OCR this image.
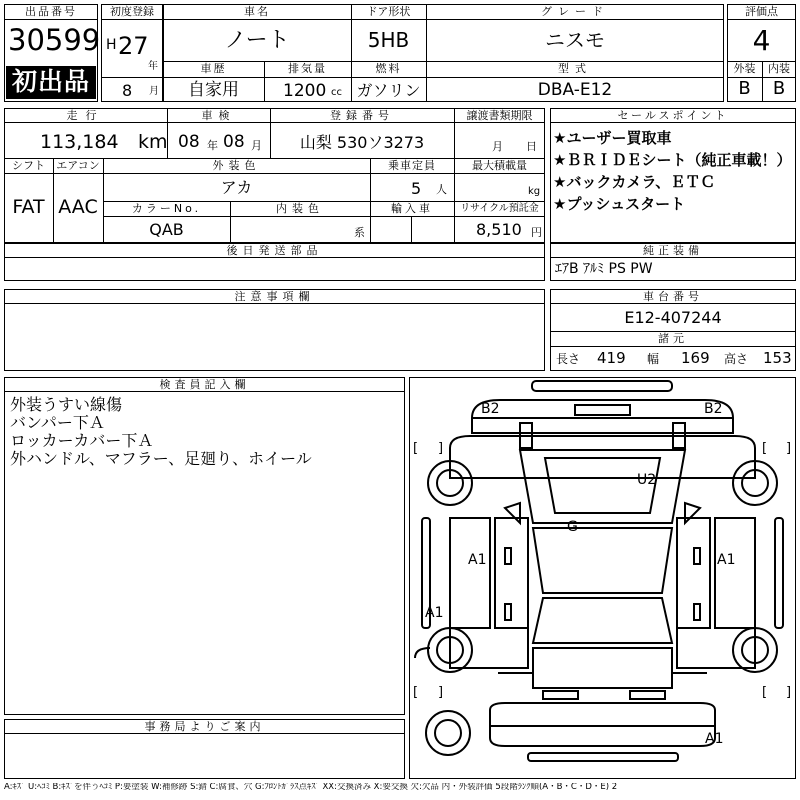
出品番号
30599
初出品
初度登録
H 27
年
8 月
車名
ノート
ドア形状
5HB
グレード
ニスモ
車歴
自家用
排気量
1200 cc
燃料
ガソリン
型式
DBA-E12
評価点
4
外装	内装
B	B
走行
113,184 km
車検
08 年 08 月
登録番号
山梨 530ソ3273
譲渡書類期限
月 日
シフト
FAT
エアコン
AAC
外装色
アカ
乗車定員
5 人
最大積載量
kg
カラーNo.
QAB
内装色
系
輸入車	リサイクル預託金
8,510 円
後日発送部品
注意事項欄
セールスポイント
★ユーザー買取車
★ＢＲＩＤＥシート（純正車載！）
★バックカメラ、ＥＴＣ
★プッシュスタート
純正装備
ｴｱB ｱﾙﾐ PS PW
車台番号
E12-407244
諸元
長さ 419 幅 169 高さ 153
検査員記入欄
外装うすい線傷
バンパー下Ａ
ロッカーカバー下Ａ
外ハンドル、マフラー、足廻り、ホイール
事務局よりご案内
[ ]	[ ]
[ ]	[ ]
B2	B2
U2
G
A1	A1
A1
A1
A:ｷｽﾞ U:ﾍｺﾐ B:ｷｽﾞを伴うﾍｺﾐ P:要塗装 W:補修跡 S:錆 C:腐食、穴 G:ﾌﾛﾝﾄｶﾞﾗｽ点ｷｽﾞ XX:交換済み X:要交換 欠:欠品 内・外装評価 5段階ﾗﾝｸ順(A・B・C・D・E) 2
